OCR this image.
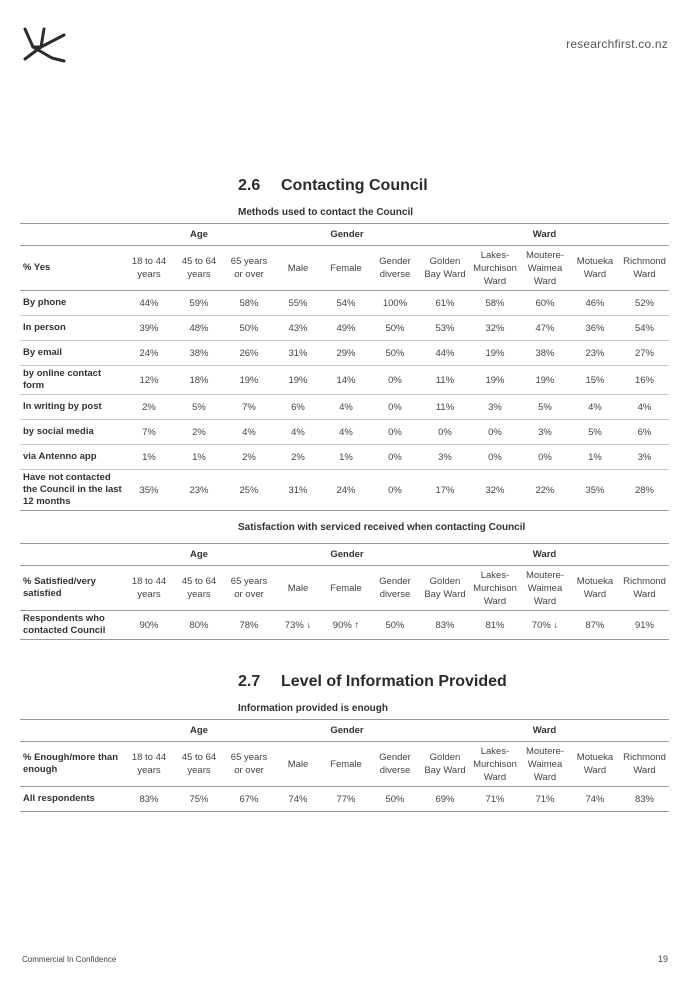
researchfirst.co.nz
2.6 Contacting Council
Methods used to contact the Council
	Age			Gender			Ward				
% Yes	18 to 44 years	45 to 64 years	65 years or over	Male	Female	Gender diverse	Golden Bay Ward	Lakes-Murchison Ward	Moutere-Waimea Ward	Motueka Ward	Richmond Ward
By phone	44%	59%	58%	55%	54%	100%	61%	58%	60%	46%	52%
In person	39%	48%	50%	43%	49%	50%	53%	32%	47%	36%	54%
By email	24%	38%	26%	31%	29%	50%	44%	19%	38%	23%	27%
by online contact form	12%	18%	19%	19%	14%	0%	11%	19%	19%	15%	16%
In writing by post	2%	5%	7%	6%	4%	0%	11%	3%	5%	4%	4%
by social media	7%	2%	4%	4%	4%	0%	0%	0%	3%	5%	6%
via Antenno app	1%	1%	2%	2%	1%	0%	3%	0%	0%	1%	3%
Have not contacted the Council in the last 12 months	35%	23%	25%	31%	24%	0%	17%	32%	22%	35%	28%
Satisfaction with serviced received when contacting Council
	Age			Gender			Ward				
% Satisfied/very satisfied	18 to 44 years	45 to 64 years	65 years or over	Male	Female	Gender diverse	Golden Bay Ward	Lakes-Murchison Ward	Moutere-Waimea Ward	Motueka Ward	Richmond Ward
Respondents who contacted Council	90%	80%	78%	73% ↓	90% ↑	50%	83%	81%	70% ↓	87%	91%
2.7 Level of Information Provided
Information provided is enough
	Age			Gender			Ward				
% Enough/more than enough	18 to 44 years	45 to 64 years	65 years or over	Male	Female	Gender diverse	Golden Bay Ward	Lakes-Murchison Ward	Moutere-Waimea Ward	Motueka Ward	Richmond Ward
All respondents	83%	75%	67%	74%	77%	50%	69%	71%	71%	74%	83%
Commercial In Confidence	19
